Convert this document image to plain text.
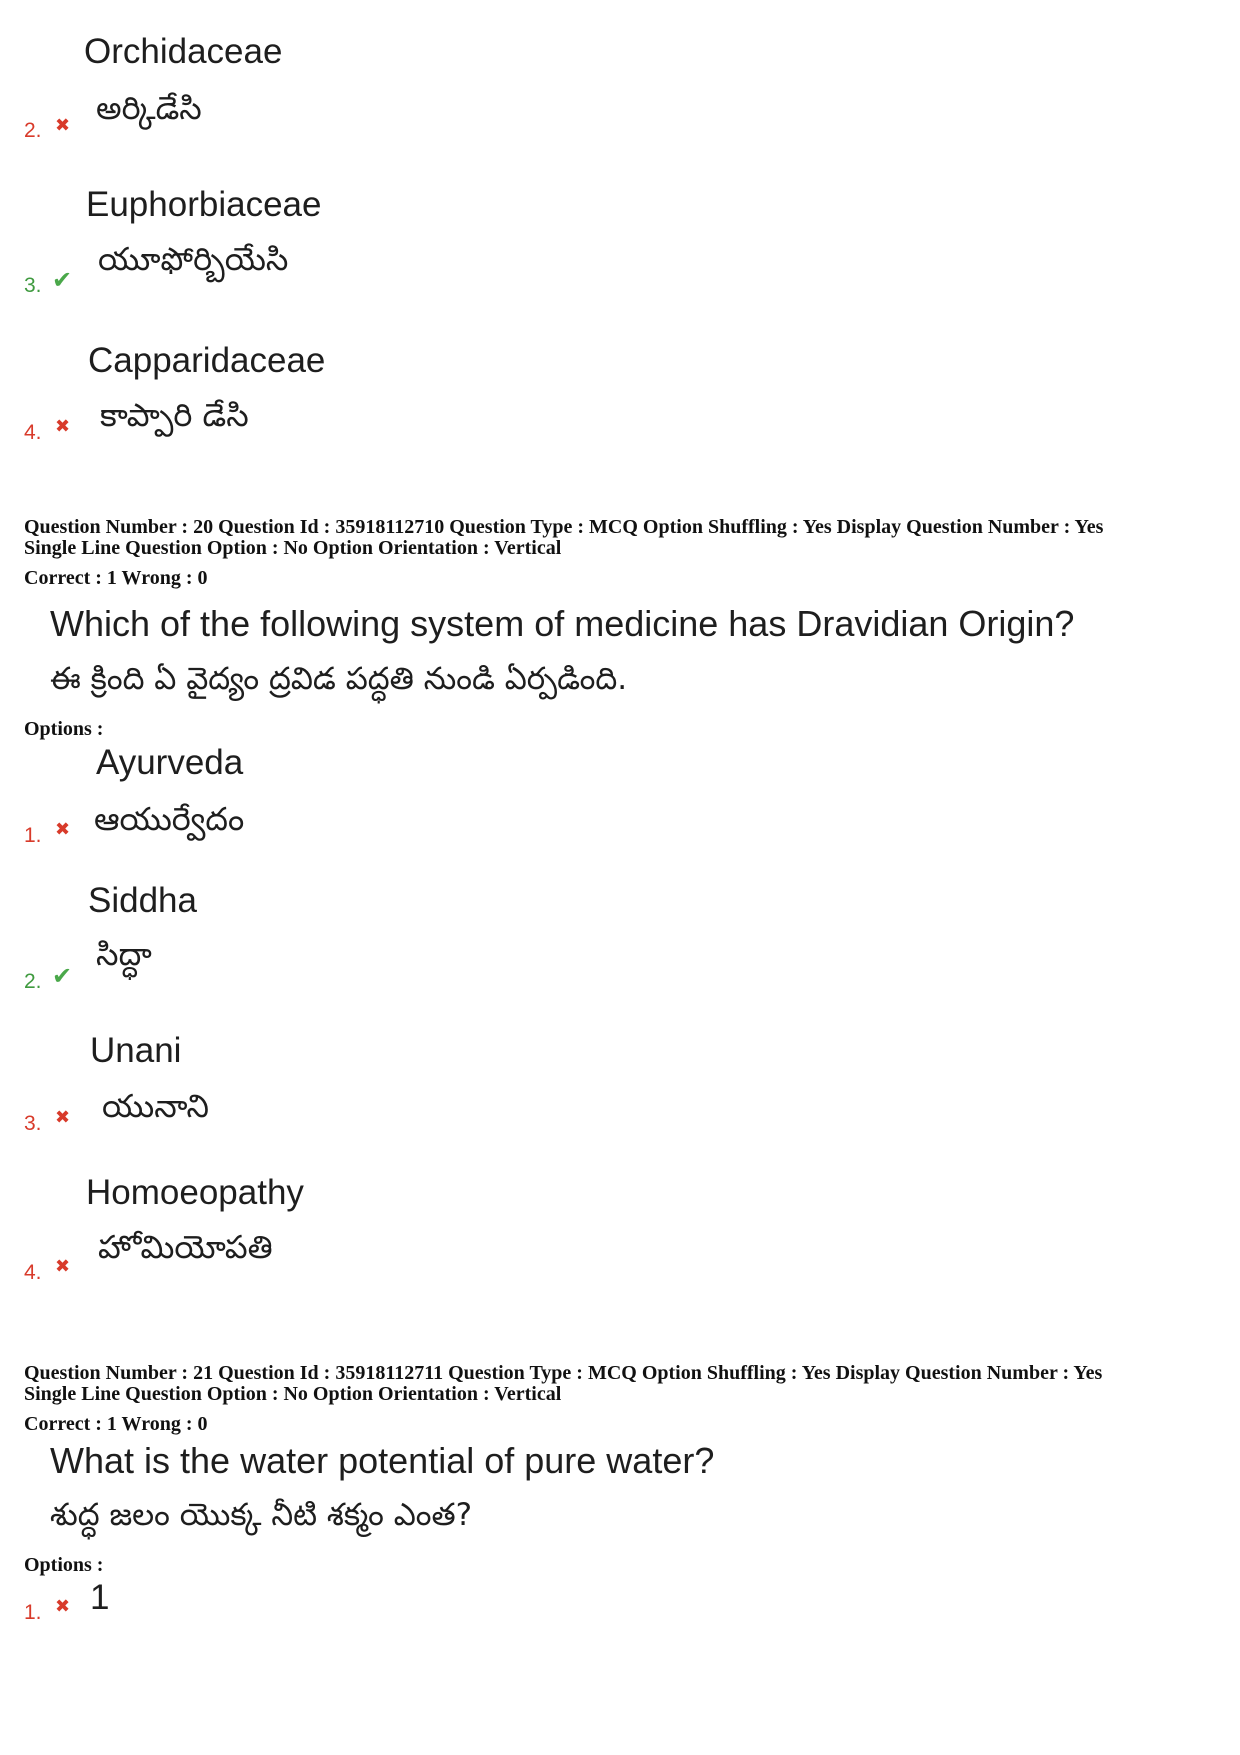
Orchidaceae
అర్కిడేసి
2. ✖
Euphorbiaceae
యూఫోర్బియేసి
3. ✔
Capparidaceae
కాప్పారి డేసి
4. ✖
Question Number : 20 Question Id : 35918112710 Question Type : MCQ Option Shuffling : Yes Display Question Number : Yes
Single Line Question Option : No Option Orientation : Vertical
Correct : 1 Wrong : 0
Which of the following system of medicine has Dravidian Origin?
ఈ క్రింది ఏ వైద్యం ద్రవిడ పద్ధతి నుండి ఏర్పడింది.
Options :
Ayurveda
ఆయుర్వేదం
1. ✖
Siddha
సిద్ధా
2. ✔
Unani
యునాని
3. ✖
Homoeopathy
హోమియోపతి
4. ✖
Question Number : 21 Question Id : 35918112711 Question Type : MCQ Option Shuffling : Yes Display Question Number : Yes
Single Line Question Option : No Option Orientation : Vertical
Correct : 1 Wrong : 0
What is the water potential of pure water?
శుద్ధ జలం యొక్క నీటి శక్మం ఎంత?
Options :
1
1. ✖
